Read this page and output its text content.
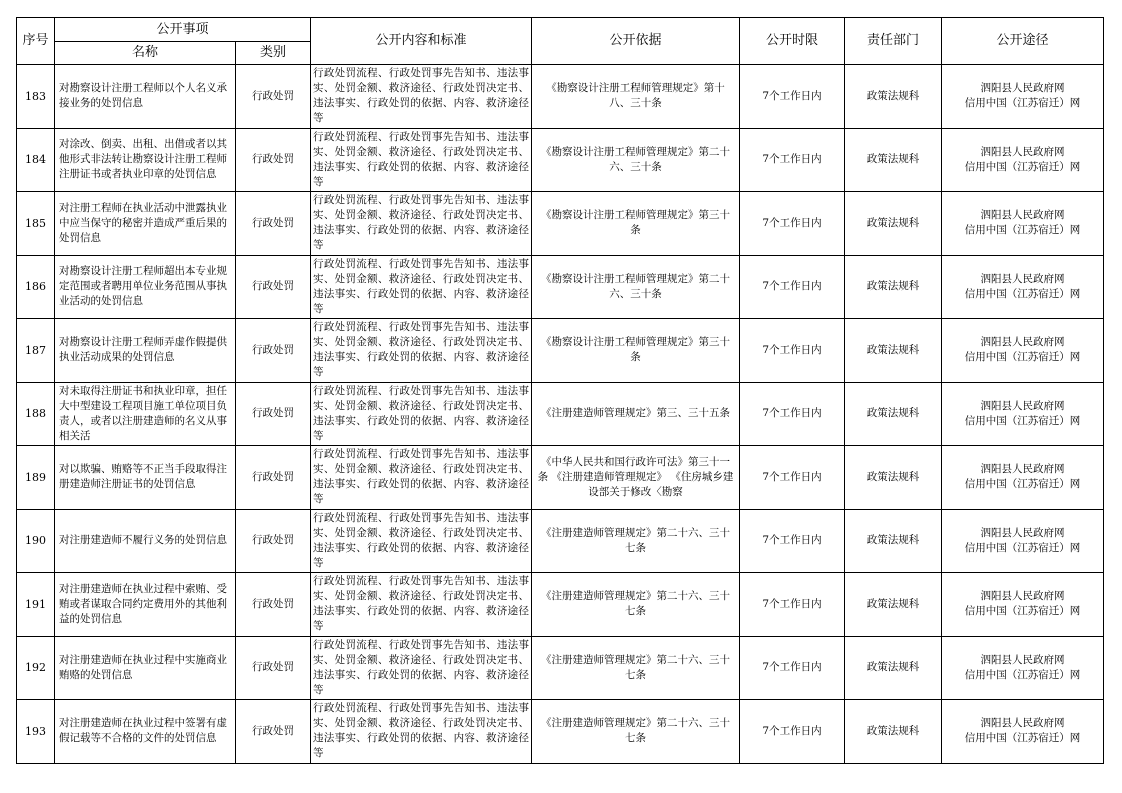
序号	公开事项		公开内容和标准	公开依据	公开时限	责任部门	公开途径
	名称	类别					
183	对勘察设计注册工程师以个人名义承接业务的处罚信息	行政处罚	行政处罚流程、行政处罚事先告知书、违法事实、处罚金额、救济途径、行政处罚决定书、违法事实、行政处罚的依据、内容、救济途径等	《勘察设计注册工程师管理规定》第十八、三十条	7个工作日内	政策法规科	泗阳县人民政府网
信用中国（江苏宿迁）网

184	对涂改、倒卖、出租、出借或者以其他形式非法转让勘察设计注册工程师注册证书或者执业印章的处罚信息	行政处罚	行政处罚流程、行政处罚事先告知书、违法事实、处罚金额、救济途径、行政处罚决定书、违法事实、行政处罚的依据、内容、救济途径等	《勘察设计注册工程师管理规定》第二十六、三十条	7个工作日内	政策法规科	泗阳县人民政府网
信用中国（江苏宿迁）网

185	对注册工程师在执业活动中泄露执业中应当保守的秘密并造成严重后果的处罚信息	行政处罚	行政处罚流程、行政处罚事先告知书、违法事实、处罚金额、救济途径、行政处罚决定书、违法事实、行政处罚的依据、内容、救济途径等	《勘察设计注册工程师管理规定》第三十条	7个工作日内	政策法规科	泗阳县人民政府网
信用中国（江苏宿迁）网

186	对勘察设计注册工程师超出本专业规定范围或者聘用单位业务范围从事执业活动的处罚信息	行政处罚	行政处罚流程、行政处罚事先告知书、违法事实、处罚金额、救济途径、行政处罚决定书、违法事实、行政处罚的依据、内容、救济途径等	《勘察设计注册工程师管理规定》第二十六、三十条	7个工作日内	政策法规科	泗阳县人民政府网
信用中国（江苏宿迁）网

187	对勘察设计注册工程师弄虚作假提供执业活动成果的处罚信息	行政处罚	行政处罚流程、行政处罚事先告知书、违法事实、处罚金额、救济途径、行政处罚决定书、违法事实、行政处罚的依据、内容、救济途径等	《勘察设计注册工程师管理规定》第三十条	7个工作日内	政策法规科	泗阳县人民政府网
信用中国（江苏宿迁）网

188	对未取得注册证书和执业印章，担任大中型建设工程项目施工单位项目负责人，或者以注册建造师的名义从事相关活	行政处罚	行政处罚流程、行政处罚事先告知书、违法事实、处罚金额、救济途径、行政处罚决定书、违法事实、行政处罚的依据、内容、救济途径等	《注册建造师管理规定》第三、三十五条	7个工作日内	政策法规科	泗阳县人民政府网
信用中国（江苏宿迁）网

189	对以欺骗、贿赂等不正当手段取得注册建造师注册证书的处罚信息	行政处罚	行政处罚流程、行政处罚事先告知书、违法事实、处罚金额、救济途径、行政处罚决定书、违法事实、行政处罚的依据、内容、救济途径等	《中华人民共和国行政许可法》第三十一条 《注册建造师管理规定》 《住房城乡建设部关于修改〈勘察	7个工作日内	政策法规科	泗阳县人民政府网
信用中国（江苏宿迁）网

190	对注册建造师不履行义务的处罚信息	行政处罚	行政处罚流程、行政处罚事先告知书、违法事实、处罚金额、救济途径、行政处罚决定书、违法事实、行政处罚的依据、内容、救济途径等	《注册建造师管理规定》第二十六、三十七条	7个工作日内	政策法规科	泗阳县人民政府网
信用中国（江苏宿迁）网

191	对注册建造师在执业过程中索贿、受贿或者谋取合同约定费用外的其他利益的处罚信息	行政处罚	行政处罚流程、行政处罚事先告知书、违法事实、处罚金额、救济途径、行政处罚决定书、违法事实、行政处罚的依据、内容、救济途径等	《注册建造师管理规定》第二十六、三十七条	7个工作日内	政策法规科	泗阳县人民政府网
信用中国（江苏宿迁）网

192	对注册建造师在执业过程中实施商业贿赂的处罚信息	行政处罚	行政处罚流程、行政处罚事先告知书、违法事实、处罚金额、救济途径、行政处罚决定书、违法事实、行政处罚的依据、内容、救济途径等	《注册建造师管理规定》第二十六、三十七条	7个工作日内	政策法规科	泗阳县人民政府网
信用中国（江苏宿迁）网

193	对注册建造师在执业过程中签署有虚假记载等不合格的文件的处罚信息	行政处罚	行政处罚流程、行政处罚事先告知书、违法事实、处罚金额、救济途径、行政处罚决定书、违法事实、行政处罚的依据、内容、救济途径等	《注册建造师管理规定》第二十六、三十七条	7个工作日内	政策法规科	泗阳县人民政府网
信用中国（江苏宿迁）网
